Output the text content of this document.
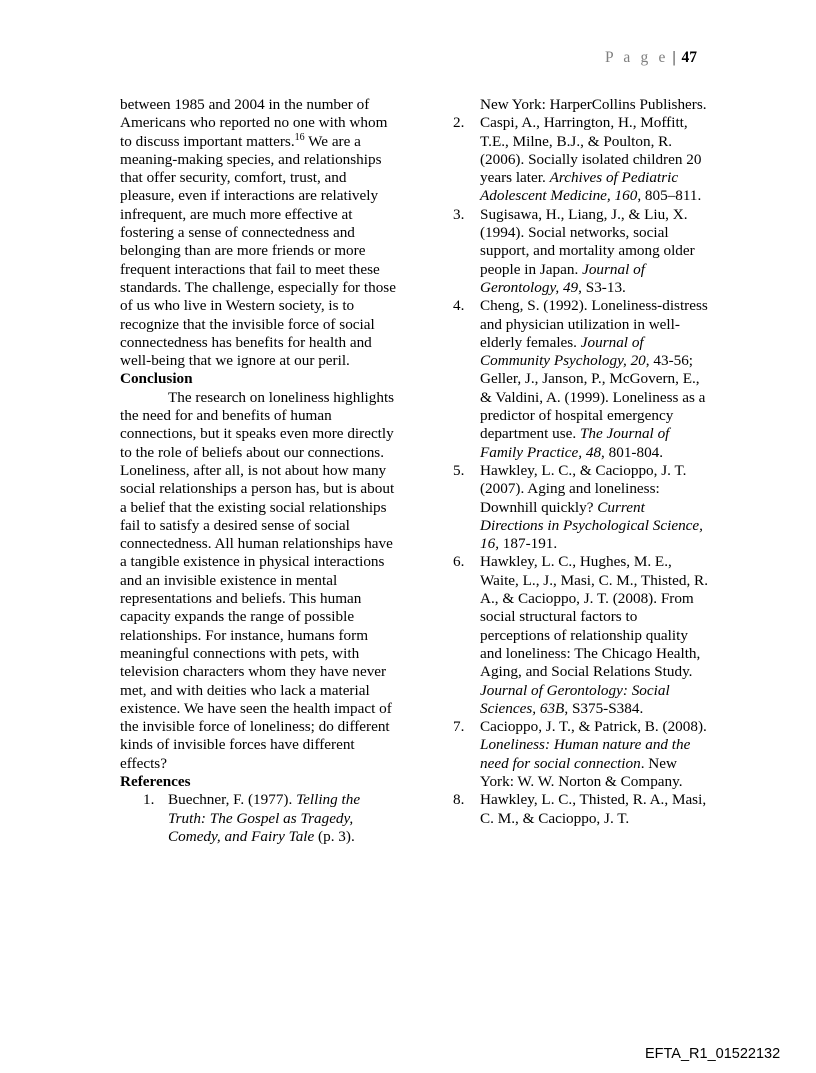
P a g e | 47

between 1985 and 2004 in the number of Americans who reported no one with whom to discuss important matters.$^{16}$ We are a meaning-making species, and relationships that offer security, comfort, trust, and pleasure, even if interactions are relatively infrequent, are much more effective at fostering a sense of connectedness and belonging than are more friends or more frequent interactions that fail to meet these standards. The challenge, especially for those of us who live in Western society, is to recognize that the invisible force of social connectedness has benefits for health and well-being that we ignore at our peril.

Conclusion

The research on loneliness highlights the need for and benefits of human connections, but it speaks even more directly to the role of beliefs about our connections. Loneliness, after all, is not about how many social relationships a person has, but is about a belief that the existing social relationships fail to satisfy a desired sense of social connectedness. All human relationships have a tangible existence in physical interactions and an invisible existence in mental representations and beliefs. This human capacity expands the range of possible relationships. For instance, humans form meaningful connections with pets, with television characters whom they have never met, and with deities who lack a material existence. We have seen the health impact of the invisible force of loneliness; do different kinds of invisible forces have different effects?

References

1. Buechner, F. (1977). Telling the Truth: The Gospel as Tragedy, Comedy, and Fairy Tale (p. 3).

New York: HarperCollins Publishers.

2. Caspi, A., Harrington, H., Moffitt, T.E., Milne, B.J., & Poulton, R. (2006). Socially isolated children 20 years later. Archives of Pediatric Adolescent Medicine, 160, 805–811.

3. Sugisawa, H., Liang, J., & Liu, X. (1994). Social networks, social support, and mortality among older people in Japan. Journal of Gerontology, 49, S3-13.

4. Cheng, S. (1992). Loneliness-distress and physician utilization in well-elderly females. Journal of Community Psychology, 20, 43-56; Geller, J., Janson, P., McGovern, E., & Valdini, A. (1999). Loneliness as a predictor of hospital emergency department use. The Journal of Family Practice, 48, 801-804.

5. Hawkley, L. C., & Cacioppo, J. T. (2007). Aging and loneliness: Downhill quickly? Current Directions in Psychological Science, 16, 187-191.

6. Hawkley, L. C., Hughes, M. E., Waite, L., J., Masi, C. M., Thisted, R. A., & Cacioppo, J. T. (2008). From social structural factors to perceptions of relationship quality and loneliness: The Chicago Health, Aging, and Social Relations Study. Journal of Gerontology: Social Sciences, 63B, S375-S384.

7. Cacioppo, J. T., & Patrick, B. (2008). Loneliness: Human nature and the need for social connection. New York: W. W. Norton & Company.

8. Hawkley, L. C., Thisted, R. A., Masi, C. M., & Cacioppo, J. T.

EFTA_R1_01522132
